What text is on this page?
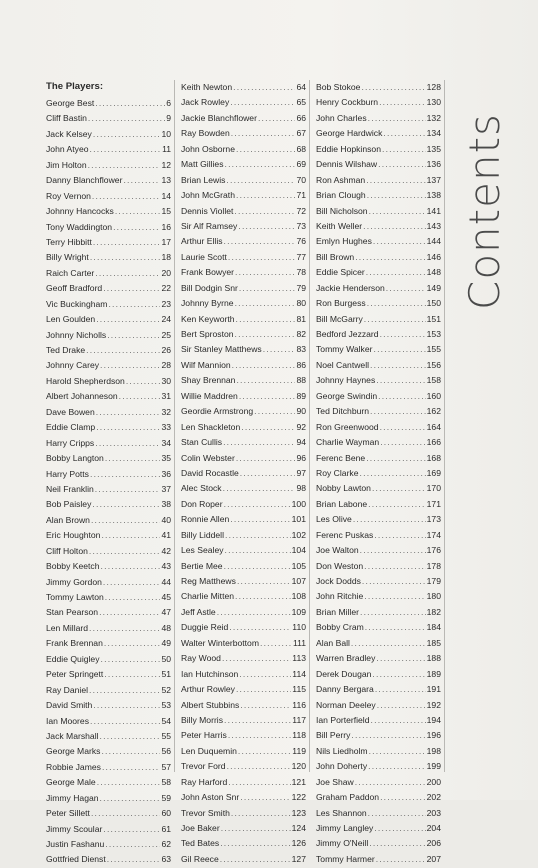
The Players:
George Best .....	6
Cliff Bastin .....	9
Jack Kelsey .....	10
John Atyeo .....	11
Jim Holton .....	12
Danny Blanchflower .....	13
Roy Vernon .....	14
Johnny Hancocks .....	15
Tony Waddington .....	16
Terry Hibbitt .....	17
Billy Wright .....	18
Raich Carter .....	20
Geoff Bradford .....	22
Vic Buckingham .....	23
Len Goulden .....	24
Johnny Nicholls .....	25
Ted Drake .....	26
Johnny Carey .....	28
Harold Shepherdson .....	30
Albert Johanneson .....	31
Dave Bowen .....	32
Eddie Clamp .....	33
Harry Cripps .....	34
Bobby Langton .....	35
Harry Potts .....	36
Neil Franklin .....	37
Bob Paisley .....	38
Alan Brown .....	40
Eric Houghton .....	41
Cliff Holton .....	42
Bobby Keetch .....	43
Jimmy Gordon .....	44
Tommy Lawton .....	45
Stan Pearson .....	47
Len Millard .....	48
Frank Brennan .....	49
Eddie Quigley .....	50
Peter Springett .....	51
Ray Daniel .....	52
David Smith .....	53
Ian Moores .....	54
Jack Marshall .....	55
George Marks .....	56
Robbie James .....	57
George Male .....	58
Jimmy Hagan .....	59
Peter Sillett .....	60
Jimmy Scoular .....	61
Justin Fashanu .....	62
Gottfried Dienst .....	63
Keith Newton .....	64
Jack Rowley .....	65
Jackie Blanchflower .....	66
Ray Bowden .....	67
John Osborne .....	68
Matt Gillies .....	69
Brian Lewis .....	70
John McGrath .....	71
Dennis Viollet .....	72
Sir Alf Ramsey .....	73
Arthur Ellis .....	76
Laurie Scott .....	77
Frank Bowyer .....	78
Bill Dodgin Snr .....	79
Johnny Byrne .....	80
Ken Keyworth .....	81
Bert Sproston .....	82
Sir Stanley Matthews .....	83
Wilf Mannion .....	86
Shay Brennan .....	88
Willie Maddren .....	89
Geordie Armstrong .....	90
Len Shackleton .....	92
Stan Cullis .....	94
Colin Webster .....	96
David Rocastle .....	97
Alec Stock .....	98
Don Roper .....	100
Ronnie Allen .....	101
Billy Liddell .....	102
Les Sealey .....	104
Bertie Mee .....	105
Reg Matthews .....	107
Charlie Mitten .....	108
Jeff Astle .....	109
Duggie Reid .....	110
Walter Winterbottom .....	111
Ray Wood .....	113
Ian Hutchinson .....	114
Arthur Rowley .....	115
Albert Stubbins .....	116
Billy Morris .....	117
Peter Harris .....	118
Len Duquemin .....	119
Trevor Ford .....	120
Ray Harford .....	121
John Aston Snr .....	122
Trevor Smith .....	123
Joe Baker .....	124
Ted Bates .....	126
Gil Reece .....	127
Bob Stokoe .....	128
Henry Cockburn .....	130
John Charles .....	132
George Hardwick .....	134
Eddie Hopkinson .....	135
Dennis Wilshaw .....	136
Ron Ashman .....	137
Brian Clough .....	138
Bill Nicholson .....	141
Keith Weller .....	143
Emlyn Hughes .....	144
Bill Brown .....	146
Eddie Spicer .....	148
Jackie Henderson .....	149
Ron Burgess .....	150
Bill McGarry .....	151
Bedford Jezzard .....	153
Tommy Walker .....	155
Noel Cantwell .....	156
Johnny Haynes .....	158
George Swindin .....	160
Ted Ditchburn .....	162
Ron Greenwood .....	164
Charlie Wayman .....	166
Ferenc Bene .....	168
Roy Clarke .....	169
Nobby Lawton .....	170
Brian Labone .....	171
Les Olive .....	173
Ferenc Puskas .....	174
Joe Walton .....	176
Don Weston .....	178
Jock Dodds .....	179
John Ritchie .....	180
Brian Miller .....	182
Bobby Cram .....	184
Alan Ball .....	185
Warren Bradley .....	188
Derek Dougan .....	189
Danny Bergara .....	191
Norman Deeley .....	192
Ian Porterfield .....	194
Bill Perry .....	196
Nils Liedholm .....	198
John Doherty .....	199
Joe Shaw .....	200
Graham Paddon .....	202
Les Shannon .....	203
Jimmy Langley .....	204
Jimmy O'Neill .....	206
Tommy Harmer .....	207
Contents
